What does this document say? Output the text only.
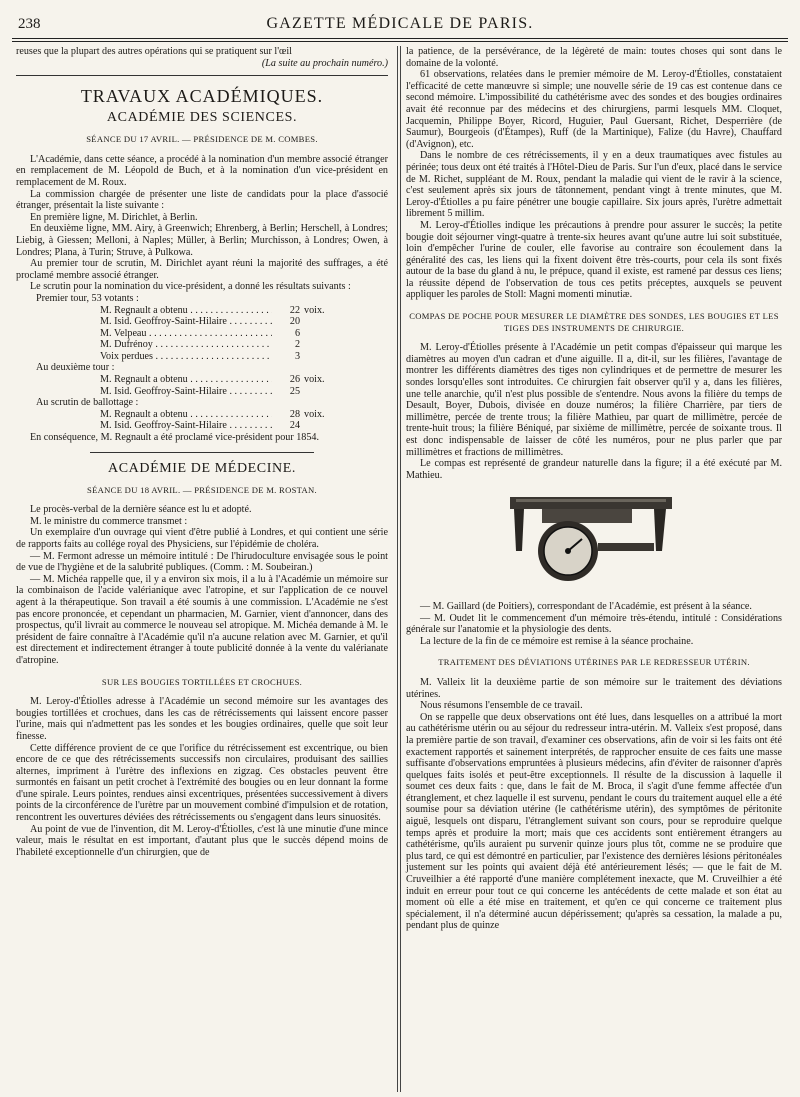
238	GAZETTE MÉDICALE DE PARIS.

reuses que la plupart des autres opérations qui se pratiquent sur l'œil

(La suite au prochain numéro.)

TRAVAUX ACADÉMIQUES.
ACADÉMIE DES SCIENCES.
SÉANCE DU 17 AVRIL. — PRÉSIDENCE DE M. COMBES.

L'Académie, dans cette séance, a procédé à la nomination d'un membre associé étranger en remplacement de M. Léopold de Buch, et à la nomination d'un vice-président en remplacement de M. Roux.

La commission chargée de présenter une liste de candidats pour la place d'associé étranger, présentait la liste suivante :

En première ligne, M. Dirichlet, à Berlin.

En deuxième ligne, MM. Airy, à Greenwich; Ehrenberg, à Berlin; Herschell, à Londres; Liebig, à Giessen; Melloni, à Naples; Müller, à Berlin; Murchisson, à Londres; Owen, à Londres; Plana, à Turin; Struve, à Pulkowa.

Au premier tour de scrutin, M. Dirichlet ayant réuni la majorité des suffrages, a été proclamé membre associé étranger.

Le scrutin pour la nomination du vice-président, a donné les résultats suivants :

Premier tour, 53 votants :

M. Regnault a obtenu . . .	22 voix.
M. Isid. Geoffroy-Saint-Hilaire . . .	20
M. Velpeau . . .	6
M. Dufrénoy . . .	2
Voix perdues . . .	3

Au deuxième tour :

M. Regnault a obtenu . . .	26 voix.
M. Isid. Geoffroy-Saint-Hilaire . . .	25

Au scrutin de ballottage :

M. Regnault a obtenu . . .	28 voix.
M. Isid. Geoffroy-Saint-Hilaire . . .	24

En conséquence, M. Regnault a été proclamé vice-président pour 1854.

ACADÉMIE DE MÉDECINE.
SÉANCE DU 18 AVRIL. — PRÉSIDENCE DE M. ROSTAN.

Le procès-verbal de la dernière séance est lu et adopté.

M. le ministre du commerce transmet :

Un exemplaire d'un ouvrage qui vient d'être publié à Londres, et qui contient une série de rapports faits au collége royal des Physiciens, sur l'épidémie de choléra.

— M. Fermont adresse un mémoire intitulé : De l'hirudoculture envisagée sous le point de vue de l'hygiène et de la salubrité publiques. (Comm. : M. Soubeiran.)

— M. Michéa rappelle que, il y a environ six mois, il a lu à l'Académie un mémoire sur la combinaison de l'acide valérianique avec l'atropine, et sur l'application de ce nouvel agent à la thérapeutique. Son travail a été soumis à une commission. L'Académie ne s'est pas encore prononcée, et cependant un pharmacien, M. Garnier, vient d'annoncer, dans des prospectus, qu'il livrait au commerce le nouveau sel atropique. M. Michéa demande à M. le président de faire connaître à l'Académie qu'il n'a aucune relation avec M. Garnier, et qu'il est directement et indirectement étranger à toute publicité donnée à la vente du valérianate d'atropine.

SUR LES BOUGIES TORTILLÉES ET CROCHUES.

M. Leroy-d'Étiolles adresse à l'Académie un second mémoire sur les avantages des bougies tortillées et crochues, dans les cas de rétrécissements qui laissent encore passer l'urine, mais qui n'admettent pas les sondes et les bougies ordinaires, quelle que soit leur finesse.

Cette différence provient de ce que l'orifice du rétrécissement est excentrique, ou bien encore de ce que des rétrécissements successifs non circulaires, produisant des saillies alternes, impriment à l'urètre des inflexions en zigzag. Ces obstacles peuvent être surmontés en faisant un petit crochet à l'extrémité des bougies ou en leur donnant la forme d'une spirale. Leurs pointes, rendues ainsi excentriques, présentées successivement à divers points de la circonférence de l'urètre par un mouvement combiné d'impulsion et de rotation, rencontrent les ouvertures déviées des rétrécissements ou s'engagent dans leurs sinuosités.

Au point de vue de l'invention, dit M. Leroy-d'Étiolles, c'est là une minutie d'une mince valeur, mais le résultat en est important, d'autant plus que le succès dépend moins de l'habileté exceptionnelle d'un chirurgien, que de

la patience, de la persévérance, de la légèreté de main: toutes choses qui sont dans le domaine de la volonté.

61 observations, relatées dans le premier mémoire de M. Leroy-d'Étiolles, constataient l'efficacité de cette manœuvre si simple; une nouvelle série de 19 cas est contenue dans ce second mémoire. L'impossibilité du cathétérisme avec des sondes et des bougies ordinaires avait été reconnue par des médecins et des chirurgiens, parmi lesquels MM. Cloquet, Jacquemin, Philippe Boyer, Ricord, Huguier, Paul Guersant, Richet, Desperrière (de Saumur), Bourgeois (d'Étampes), Ruff (de la Martinique), Falize (du Havre), Chauffard (d'Avignon), etc.

Dans le nombre de ces rétrécissements, il y en a deux traumatiques avec fistules au périnée; tous deux ont été traités à l'Hôtel-Dieu de Paris. Sur l'un d'eux, placé dans le service de M. Richet, suppléant de M. Roux, pendant la maladie qui vient de le ravir à la science, c'est seulement après six jours de tâtonnement, pendant vingt à trente minutes, que M. Leroy-d'Étiolles a pu faire pénétrer une bougie capillaire. Six jours après, l'urètre admettait librement 5 millim.

M. Leroy-d'Étiolles indique les précautions à prendre pour assurer le succès; la petite bougie doit séjourner vingt-quatre à trente-six heures avant qu'une autre lui soit substituée, loin d'empêcher l'urine de couler, elle favorise au contraire son écoulement dans la généralité des cas, les liens qui la fixent doivent être très-courts, pour cela ils sont fixés autour de la base du gland à nu, le prépuce, quand il existe, est ramené par dessus ces liens; la réussite dépend de l'observation de tous ces petits préceptes, auxquels se peuvent appliquer les paroles de Stoll: Magni momenti minutiæ.

COMPAS DE POCHE POUR MESURER LE DIAMÈTRE DES SONDES, LES BOUGIES ET LES TIGES DES INSTRUMENTS DE CHIRURGIE.

M. Leroy-d'Étiolles présente à l'Académie un petit compas d'épaisseur qui marque les diamètres au moyen d'un cadran et d'une aiguille. Il a, dit-il, sur les filières, l'avantage de montrer les différents diamètres des tiges non cylindriques et de permettre de mesurer les sondes lorsqu'elles sont introduites. Ce chirurgien fait observer qu'il y a, dans les filières, une telle anarchie, qu'il n'est plus possible de s'entendre. Nous avons la filière du temps de Desault, Boyer, Dubois, divisée en douze numéros; la filière Charrière, par tiers de millimètre, percée de trente trous; la filière Mathieu, par quart de millimètre, percée de trente-huit trous; la filière Béniqué, par sixième de millimètre, percée de soixante trous. Il est donc indispensable de laisser de côté les numéros, pour ne plus parler que par millimètres et fractions de millimètres.

Le compas est représenté de grandeur naturelle dans la figure; il a été exécuté par M. Mathieu.

— M. Gaillard (de Poitiers), correspondant de l'Académie, est présent à la séance.

— M. Oudet lit le commencement d'un mémoire très-étendu, intitulé : Considérations générale sur l'anatomie et la physiologie des dents.

La lecture de la fin de ce mémoire est remise à la séance prochaine.

TRAITEMENT DES DÉVIATIONS UTÉRINES PAR LE REDRESSEUR UTÉRIN.

M. Valleix lit la deuxième partie de son mémoire sur le traitement des déviations utérines.

Nous résumons l'ensemble de ce travail.

On se rappelle que deux observations ont été lues, dans lesquelles on a attribué la mort au cathétérisme utérin ou au séjour du redresseur intra-utérin. M. Valleix s'est proposé, dans la première partie de son travail, d'examiner ces observations, afin de voir si les faits ont été exactement rapportés et sainement interprétés, de rapprocher ensuite de ces faits une masse suffisante d'observations empruntées à plusieurs médecins, afin d'éviter de raisonner d'après quelques faits isolés et peut-être exceptionnels. Il résulte de la discussion à laquelle il soumet ces deux faits : que, dans le fait de M. Broca, il s'agit d'une femme affectée d'un étranglement, et chez laquelle il est survenu, pendant le cours du traitement auquel elle a été soumise pour sa déviation utérine (le cathétérisme utérin), des symptômes de péritonite aiguë, lesquels ont disparu, l'étranglement suivant son cours, pour se reproduire quelque temps après et produire la mort; mais que ces accidents sont entièrement étrangers au cathétérisme, qu'ils auraient pu survenir quinze jours plus tôt, comme ne se produire que plus tard, ce qui est démontré en particulier, par l'existence des dernières lésions péritonéales justement sur les points qui avaient déjà été antérieurement lésés; — que le fait de M. Cruveilhier a été rapporté d'une manière complétement inexacte, que M. Cruveilhier a été induit en erreur pour tout ce qui concerne les antécédents de cette malade et son état au moment où elle a été mise en traitement, et qu'en ce qui concerne ce traitement plus spécialement, il n'a déterminé aucun dépérissement; qu'après sa cessation, la malade a pu, pendant plus de quinze
